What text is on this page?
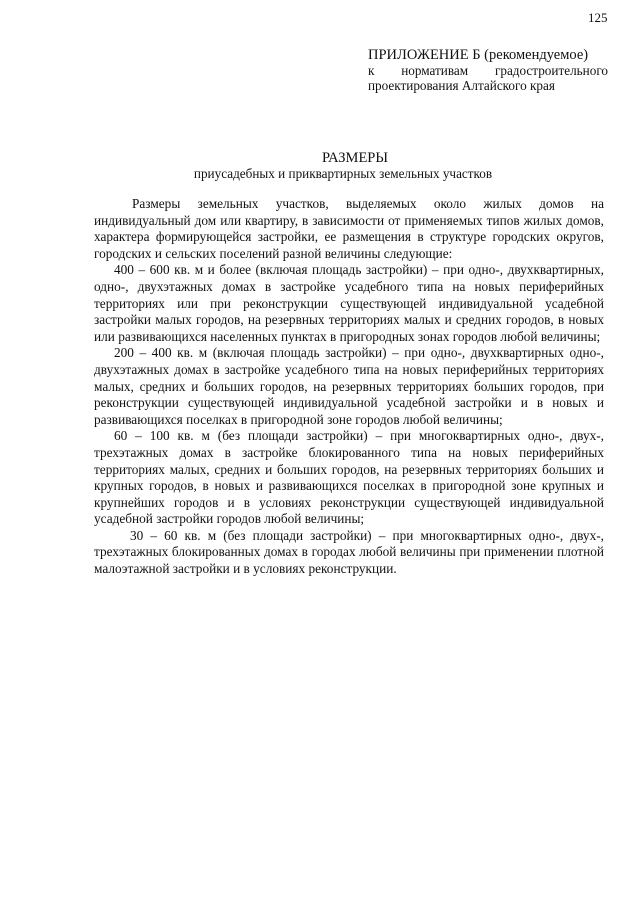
125
ПРИЛОЖЕНИЕ Б (рекомендуемое)
к нормативам градостроительного
проектирования Алтайского края
РАЗМЕРЫ
приусадебных и приквартирных земельных участков

Размеры земельных участков, выделяемых около жилых домов на индивидуальный дом или квартиру, в зависимости от применяемых типов жилых домов, характера формирующейся застройки, ее размещения в структуре городских округов, городских и сельских поселений разной величины следующие:

400 – 600 кв. м и более (включая площадь застройки) – при одно-, двухквартирных, одно-, двухэтажных домах в застройке усадебного типа на новых периферийных территориях или при реконструкции существующей индивидуальной усадебной застройки малых городов, на резервных территориях малых и средних городов, в новых или развивающихся населенных пунктах в пригородных зонах городов любой величины;

200 – 400 кв. м (включая площадь застройки) – при одно-, двухквартирных одно-, двухэтажных домах в застройке усадебного типа на новых периферийных территориях малых, средних и больших городов, на резервных территориях больших городов, при реконструкции существующей индивидуальной усадебной застройки и в новых и развивающихся поселках в пригородной зоне городов любой величины;

60 – 100 кв. м (без площади застройки) – при многоквартирных одно-, двух-, трехэтажных домах в застройке блокированного типа на новых периферийных территориях малых, средних и больших городов, на резервных территориях больших и крупных городов, в новых и развивающихся поселках в пригородной зоне крупных и крупнейших городов и в условиях реконструкции существующей индивидуальной усадебной застройки городов любой величины;

30 – 60 кв. м (без площади застройки) – при многоквартирных одно-, двух-, трехэтажных блокированных домах в городах любой величины при применении плотной малоэтажной застройки и в условиях реконструкции.
